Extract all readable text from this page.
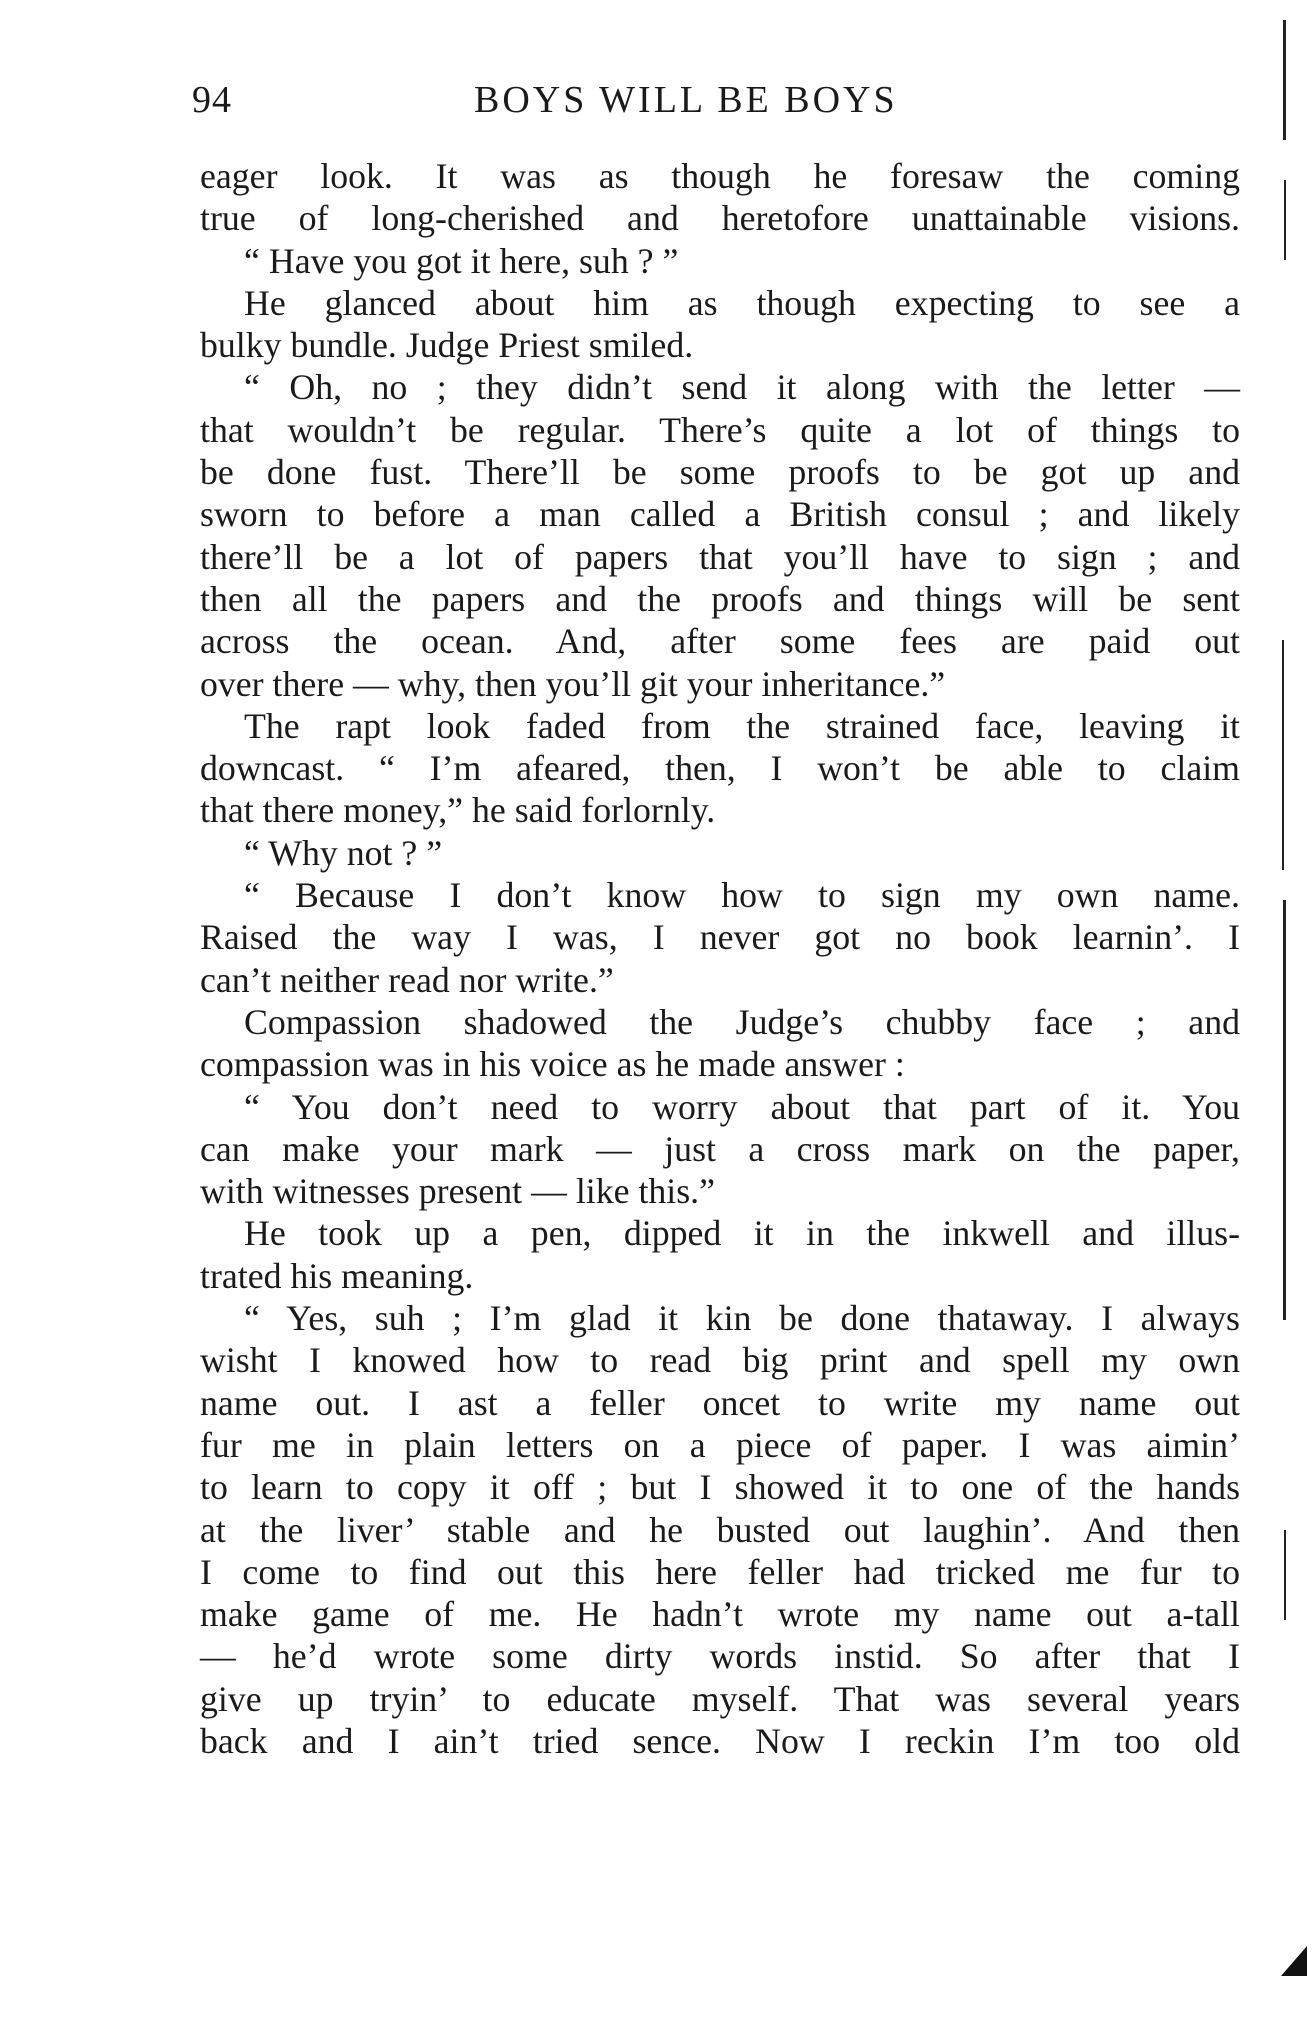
94	BOYS WILL BE BOYS
eager look. It was as though he foresaw the coming
true of long-cherished and heretofore unattainable visions.
“ Have you got it here, suh ? ”
He glanced about him as though expecting to see a
bulky bundle. Judge Priest smiled.
“ Oh, no ; they didn’t send it along with the letter —
that wouldn’t be regular. There’s quite a lot of things to
be done fust. There’ll be some proofs to be got up and
sworn to before a man called a British consul ; and likely
there’ll be a lot of papers that you’ll have to sign ; and
then all the papers and the proofs and things will be sent
across the ocean. And, after some fees are paid out
over there — why, then you’ll git your inheritance.”
The rapt look faded from the strained face, leaving it
downcast. “ I’m afeared, then, I won’t be able to claim
that there money,” he said forlornly.
“ Why not ? ”
“ Because I don’t know how to sign my own name.
Raised the way I was, I never got no book learnin’. I
can’t neither read nor write.”
Compassion shadowed the Judge’s chubby face ; and
compassion was in his voice as he made answer :
“ You don’t need to worry about that part of it. You
can make your mark — just a cross mark on the paper,
with witnesses present — like this.”
He took up a pen, dipped it in the inkwell and illus-
trated his meaning.
“ Yes, suh ; I’m glad it kin be done thataway. I always
wisht I knowed how to read big print and spell my own
name out. I ast a feller oncet to write my name out
fur me in plain letters on a piece of paper. I was aimin’
to learn to copy it off ; but I showed it to one of the hands
at the liver’ stable and he busted out laughin’. And then
I come to find out this here feller had tricked me fur to
make game of me. He hadn’t wrote my name out a-tall
— he’d wrote some dirty words instid. So after that I
give up tryin’ to educate myself. That was several years
back and I ain’t tried sence. Now I reckin I’m too old
